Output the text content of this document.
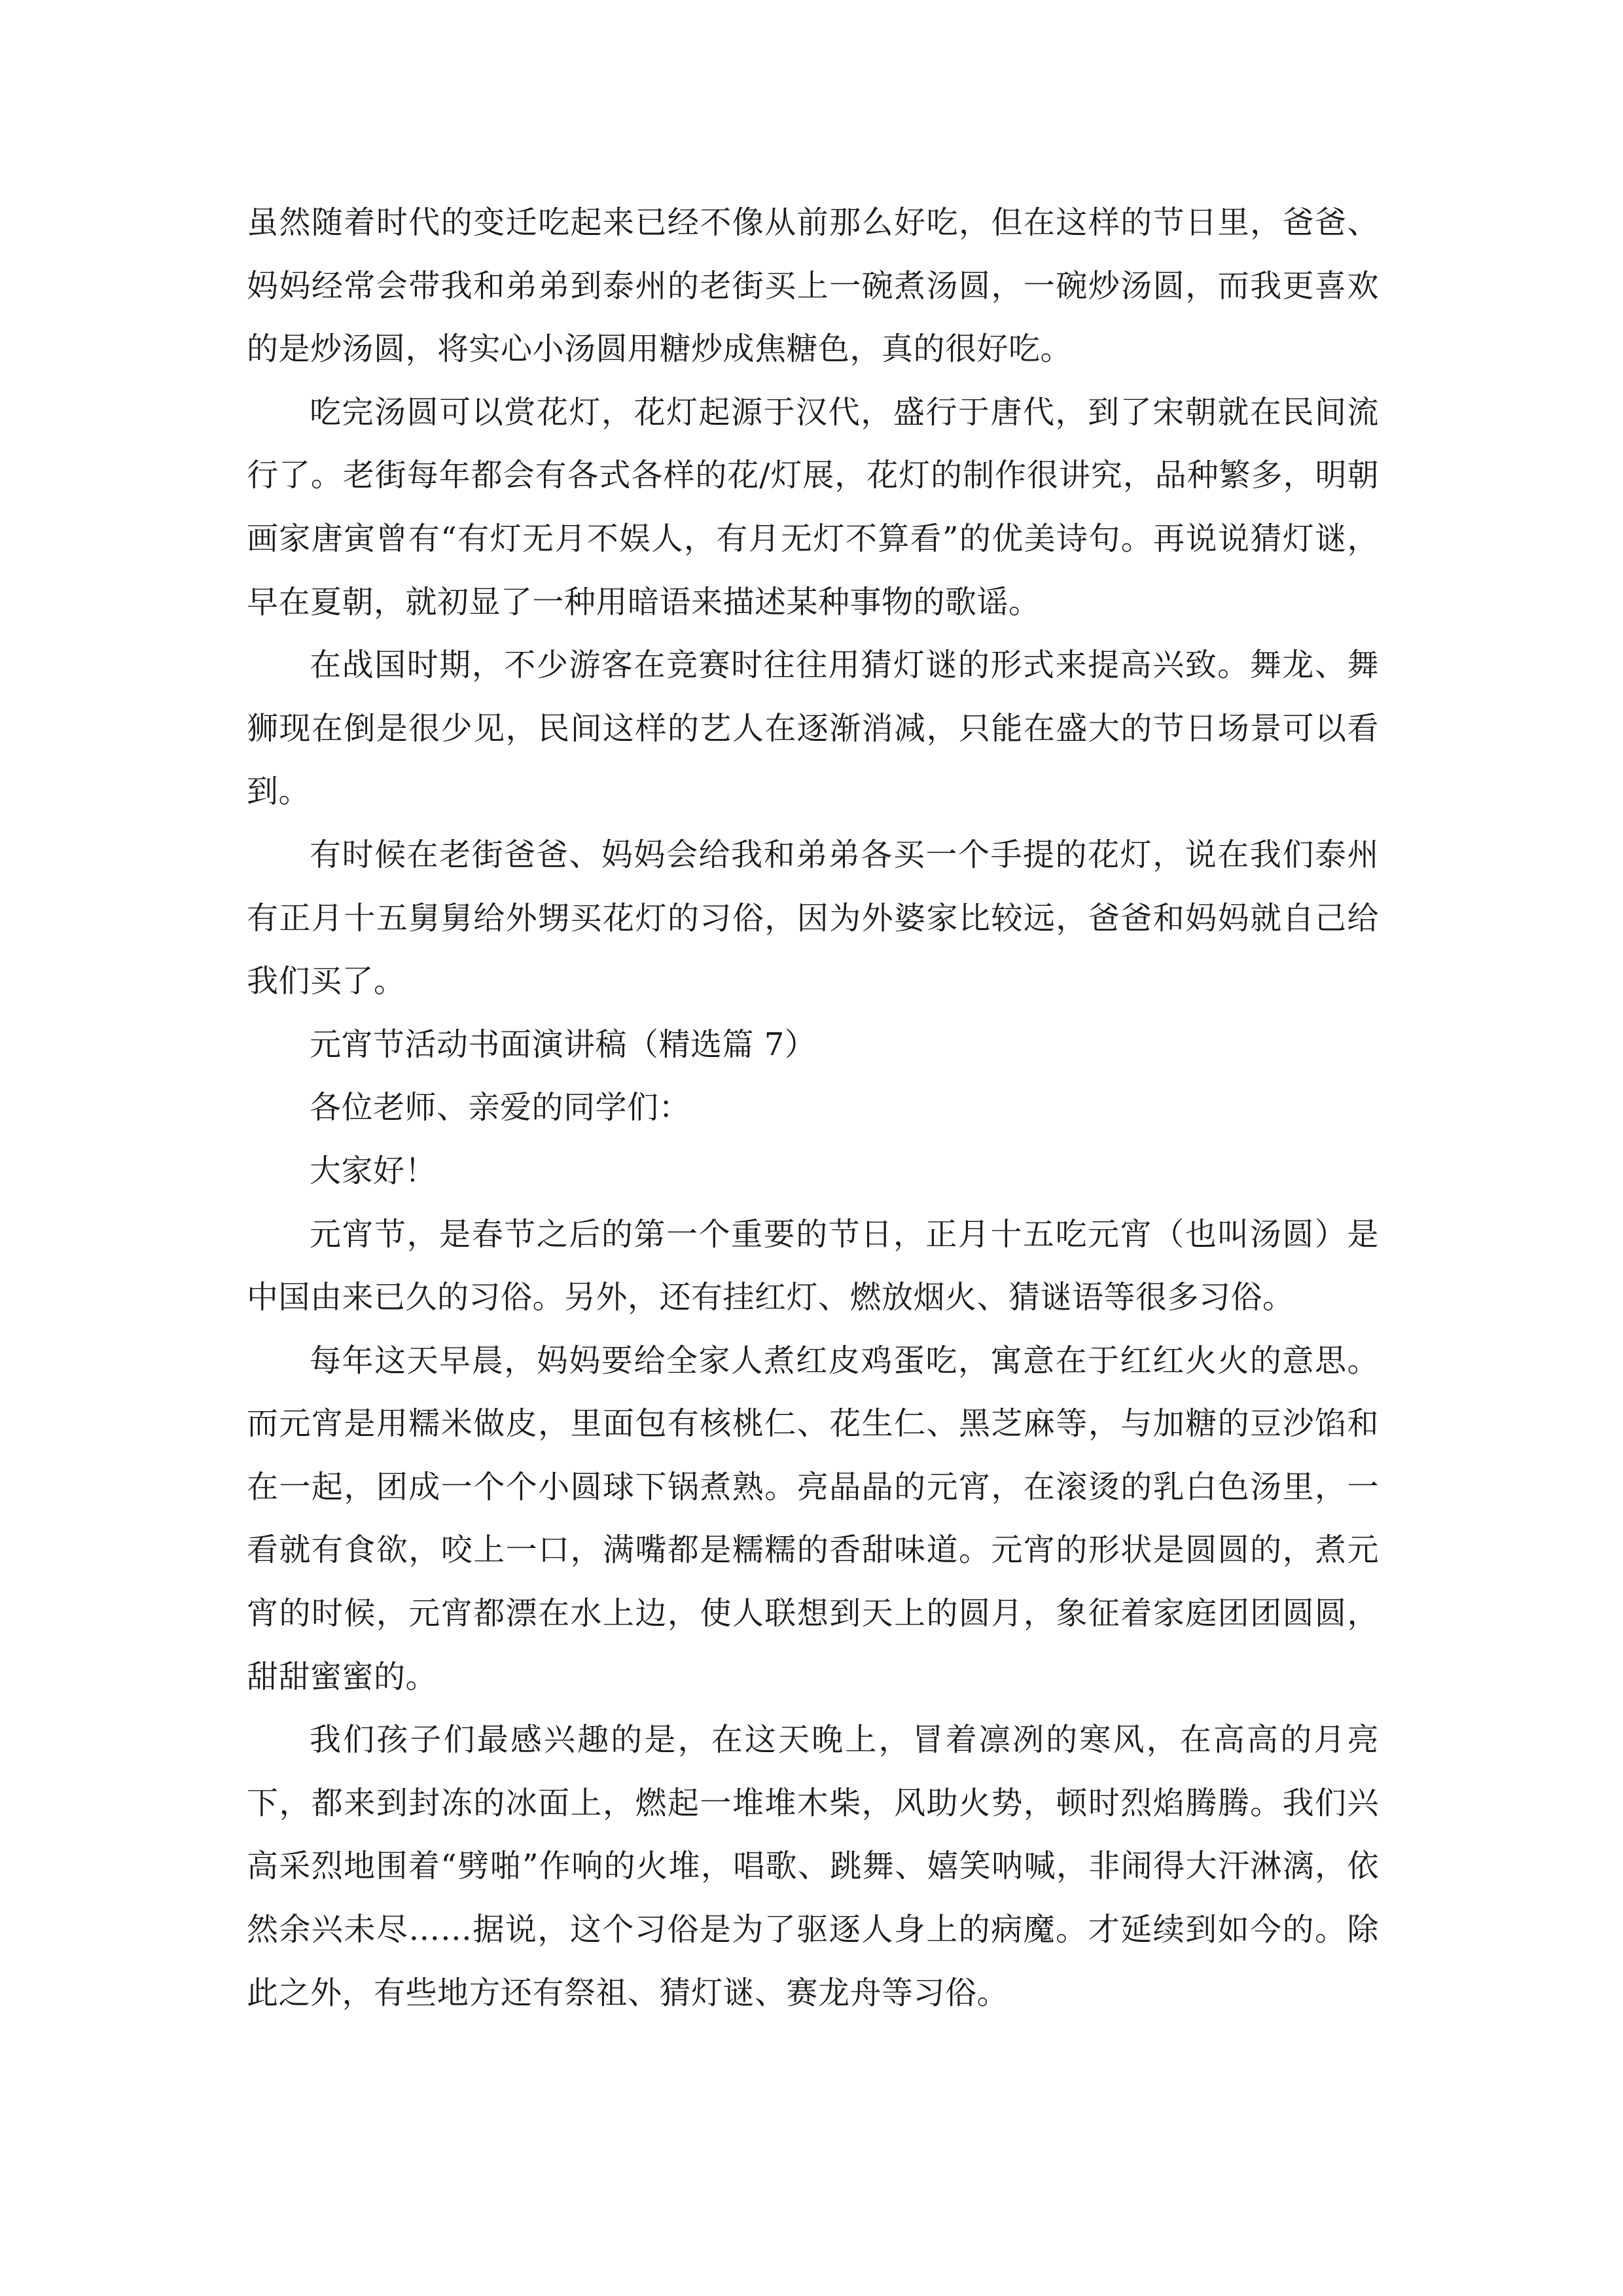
虽然随着时代的变迁吃起来已经不像从前那么好吃，但在这样的节日里，爸爸、妈妈经常会带我和弟弟到泰州的老街买上一碗煮汤圆，一碗炒汤圆，而我更喜欢的是炒汤圆，将实心小汤圆用糖炒成焦糖色，真的很好吃。

吃完汤圆可以赏花灯，花灯起源于汉代，盛行于唐代，到了宋朝就在民间流行了。老街每年都会有各式各样的花/灯展，花灯的制作很讲究，品种繁多，明朝画家唐寅曾有“有灯无月不娱人，有月无灯不算看”的优美诗句。再说说猜灯谜，早在夏朝，就初显了一种用暗语来描述某种事物的歌谣。

在战国时期，不少游客在竞赛时往往用猜灯谜的形式来提高兴致。舞龙、舞狮现在倒是很少见，民间这样的艺人在逐渐消减，只能在盛大的节日场景可以看到。

有时候在老街爸爸、妈妈会给我和弟弟各买一个手提的花灯，说在我们泰州有正月十五舅舅给外甥买花灯的习俗，因为外婆家比较远，爸爸和妈妈就自己给我们买了。

元宵节活动书面演讲稿（精选篇 7）

各位老师、亲爱的同学们：

大家好！

元宵节，是春节之后的第一个重要的节日，正月十五吃元宵（也叫汤圆）是中国由来已久的习俗。另外，还有挂红灯、燃放烟火、猜谜语等很多习俗。

每年这天早晨，妈妈要给全家人煮红皮鸡蛋吃，寓意在于红红火火的意思。而元宵是用糯米做皮，里面包有核桃仁、花生仁、黑芝麻等，与加糖的豆沙馅和在一起，团成一个个小圆球下锅煮熟。亮晶晶的元宵，在滚烫的乳白色汤里，一看就有食欲，咬上一口，满嘴都是糯糯的香甜味道。元宵的形状是圆圆的，煮元宵的时候，元宵都漂在水上边，使人联想到天上的圆月，象征着家庭团团圆圆，甜甜蜜蜜的。

我们孩子们最感兴趣的是，在这天晚上，冒着凛冽的寒风，在高高的月亮下，都来到封冻的冰面上，燃起一堆堆木柴，风助火势，顿时烈焰腾腾。我们兴高采烈地围着“劈啪”作响的火堆，唱歌、跳舞、嬉笑呐喊，非闹得大汗淋漓，依然余兴未尽……据说，这个习俗是为了驱逐人身上的病魔。才延续到如今的。除此之外，有些地方还有祭祖、猜灯谜、赛龙舟等习俗。
